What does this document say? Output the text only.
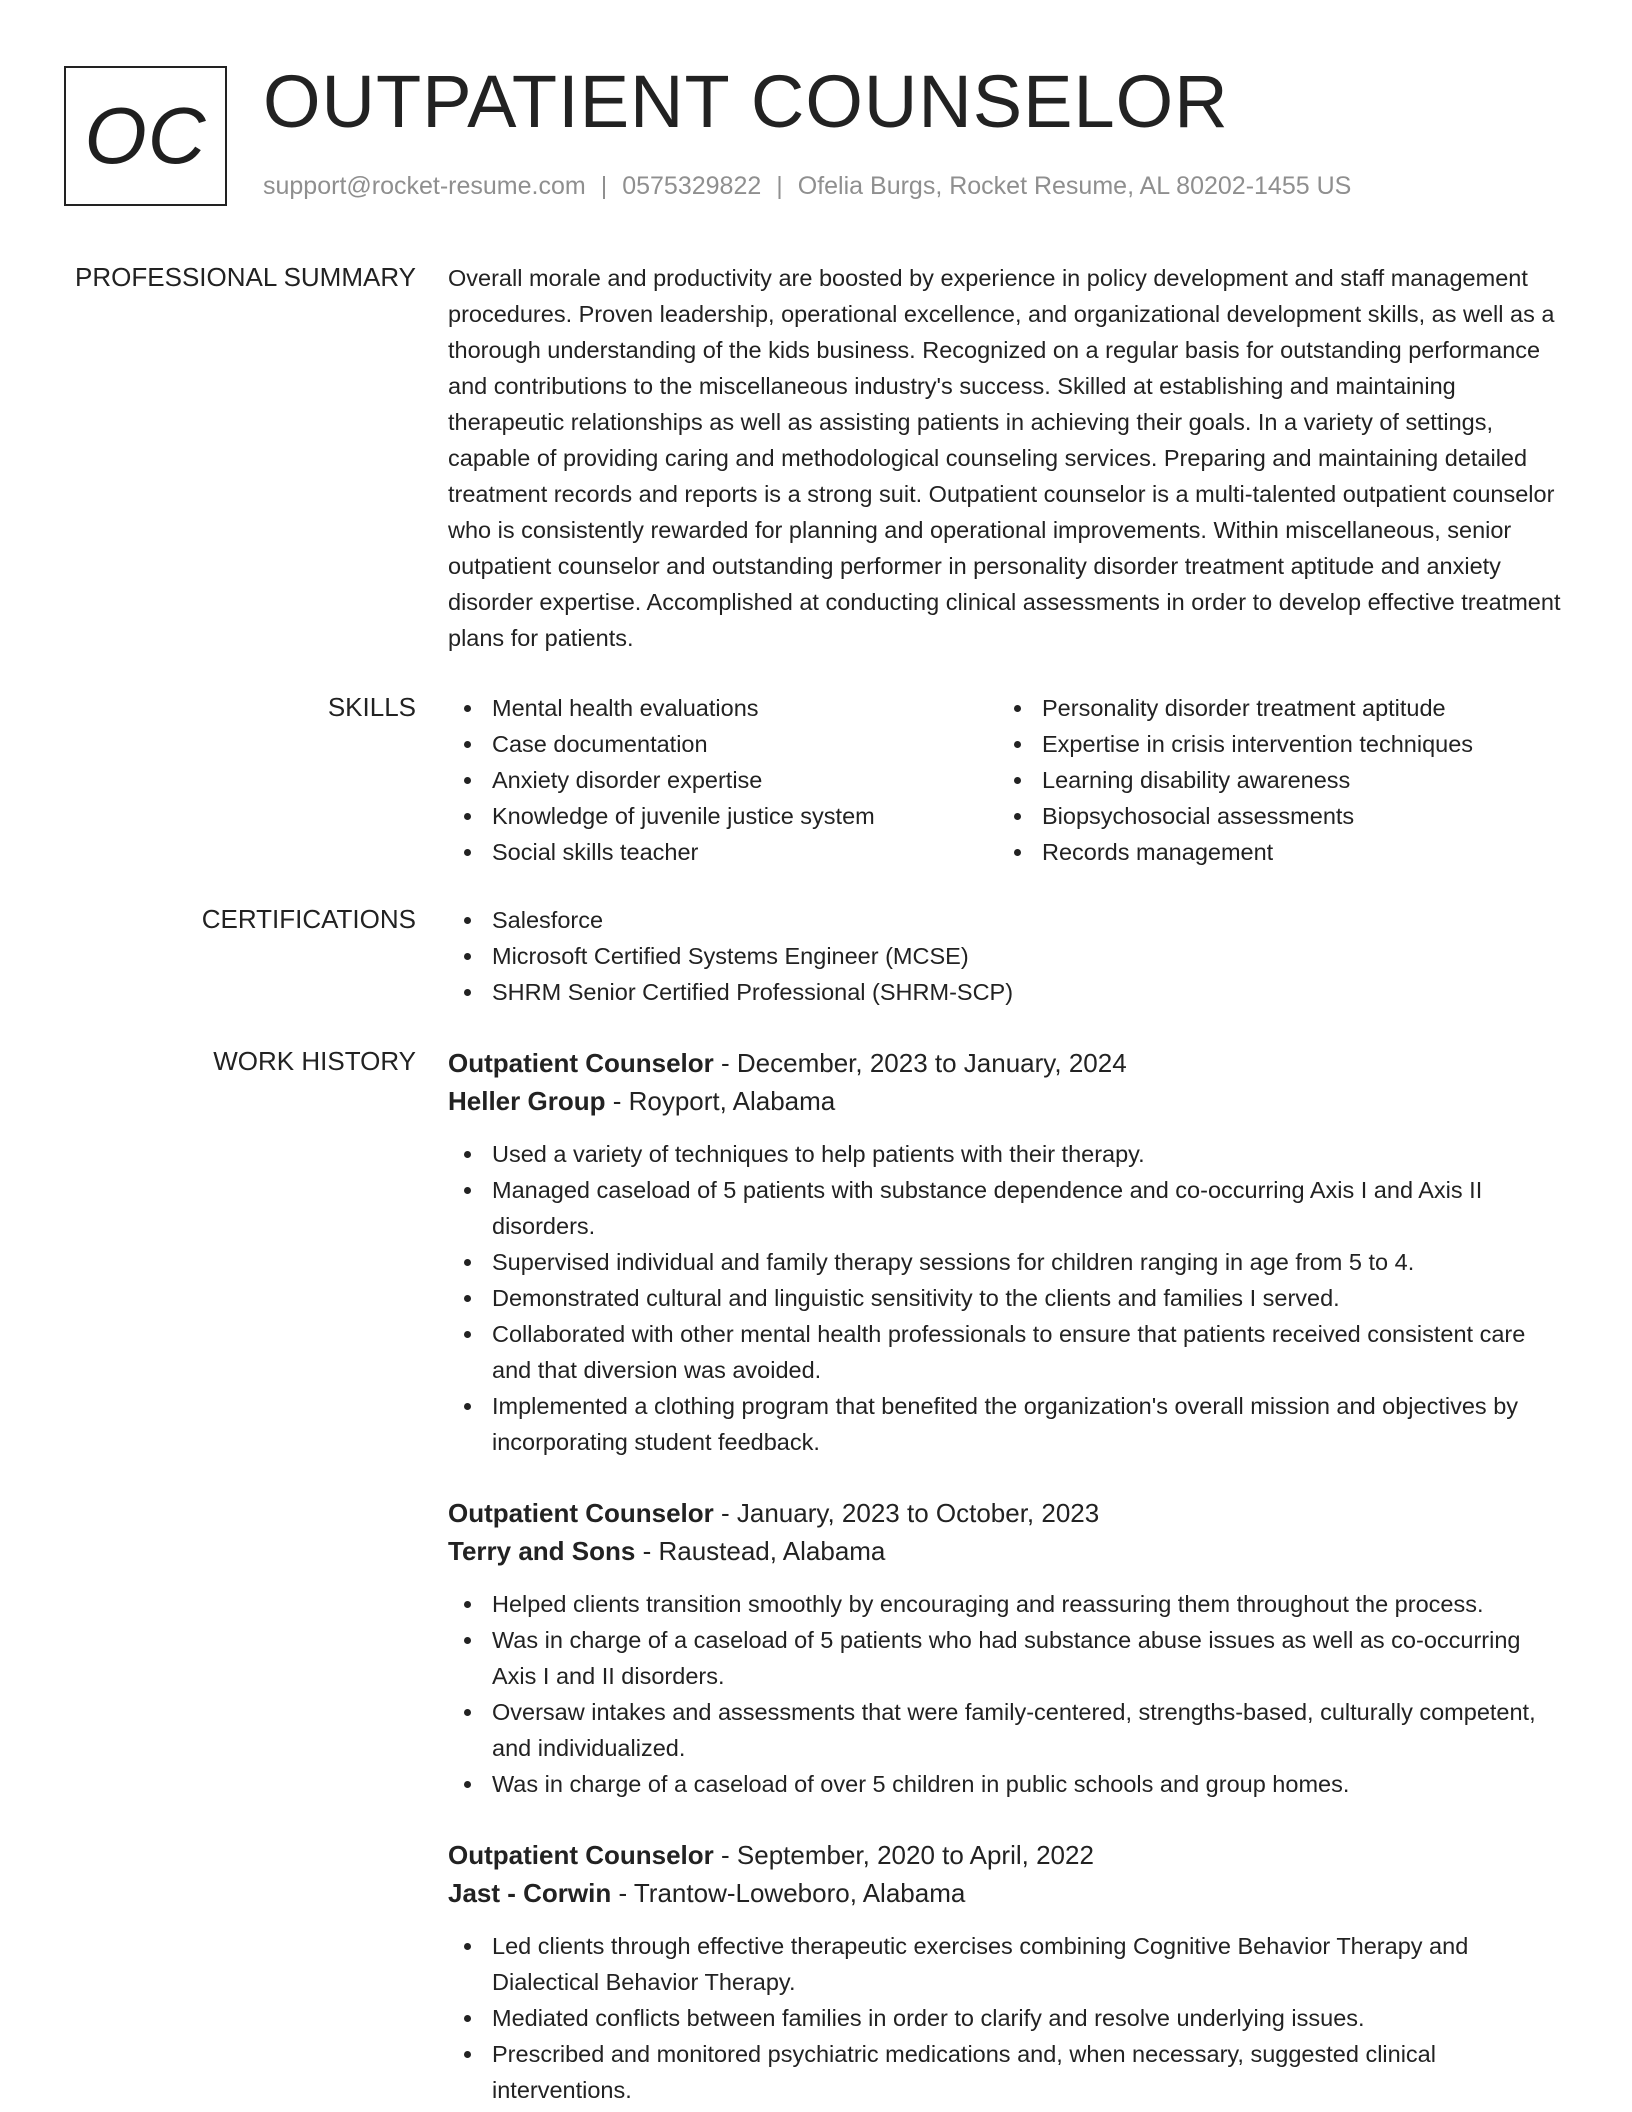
OC OUTPATIENT COUNSELOR
support@rocket-resume.com | 0575329822 | Ofelia Burgs, Rocket Resume, AL 80202-1455 US
PROFESSIONAL SUMMARY Overall morale and productivity are boosted by experience in policy development and staff management procedures. Proven leadership, operational excellence, and organizational development skills, as well as a thorough understanding of the kids business. Recognized on a regular basis for outstanding performance and contributions to the miscellaneous industry's success. Skilled at establishing and maintaining therapeutic relationships as well as assisting patients in achieving their goals. In a variety of settings, capable of providing caring and methodological counseling services. Preparing and maintaining detailed treatment records and reports is a strong suit. Outpatient counselor is a multi-talented outpatient counselor who is consistently rewarded for planning and operational improvements. Within miscellaneous, senior outpatient counselor and outstanding performer in personality disorder treatment aptitude and anxiety disorder expertise. Accomplished at conducting clinical assessments in order to develop effective treatment plans for patients.

SKILLS	Mental health evaluations
Case documentation
Anxiety disorder expertise
Knowledge of juvenile justice system
Social skills teacher
Personality disorder treatment aptitude
Expertise in crisis intervention techniques
Learning disability awareness
Biopsychosocial assessments
Records management
CERTIFICATIONS	Salesforce
Microsoft Certified Systems Engineer (MCSE)
SHRM Senior Certified Professional (SHRM-SCP)
WORK HISTORY Outpatient Counselor - December, 2023 to January, 2024
Heller Group - Royport, Alabama
Used a variety of techniques to help patients with their therapy.
Managed caseload of 5 patients with substance dependence and co-occurring Axis I and Axis II disorders.
Supervised individual and family therapy sessions for children ranging in age from 5 to 4.
Demonstrated cultural and linguistic sensitivity to the clients and families I served.
Collaborated with other mental health professionals to ensure that patients received consistent care and that diversion was avoided.
Implemented a clothing program that benefited the organization's overall mission and objectives by incorporating student feedback.
Outpatient Counselor - January, 2023 to October, 2023
Terry and Sons - Raustead, Alabama
Helped clients transition smoothly by encouraging and reassuring them throughout the process.
Was in charge of a caseload of 5 patients who had substance abuse issues as well as co-occurring Axis I and II disorders.
Oversaw intakes and assessments that were family-centered, strengths-based, culturally competent, and individualized.
Was in charge of a caseload of over 5 children in public schools and group homes.
Outpatient Counselor - September, 2020 to April, 2022
Jast - Corwin - Trantow-Loweboro, Alabama
Led clients through effective therapeutic exercises combining Cognitive Behavior Therapy and Dialectical Behavior Therapy.
Mediated conflicts between families in order to clarify and resolve underlying issues.
Prescribed and monitored psychiatric medications and, when necessary, suggested clinical interventions.
